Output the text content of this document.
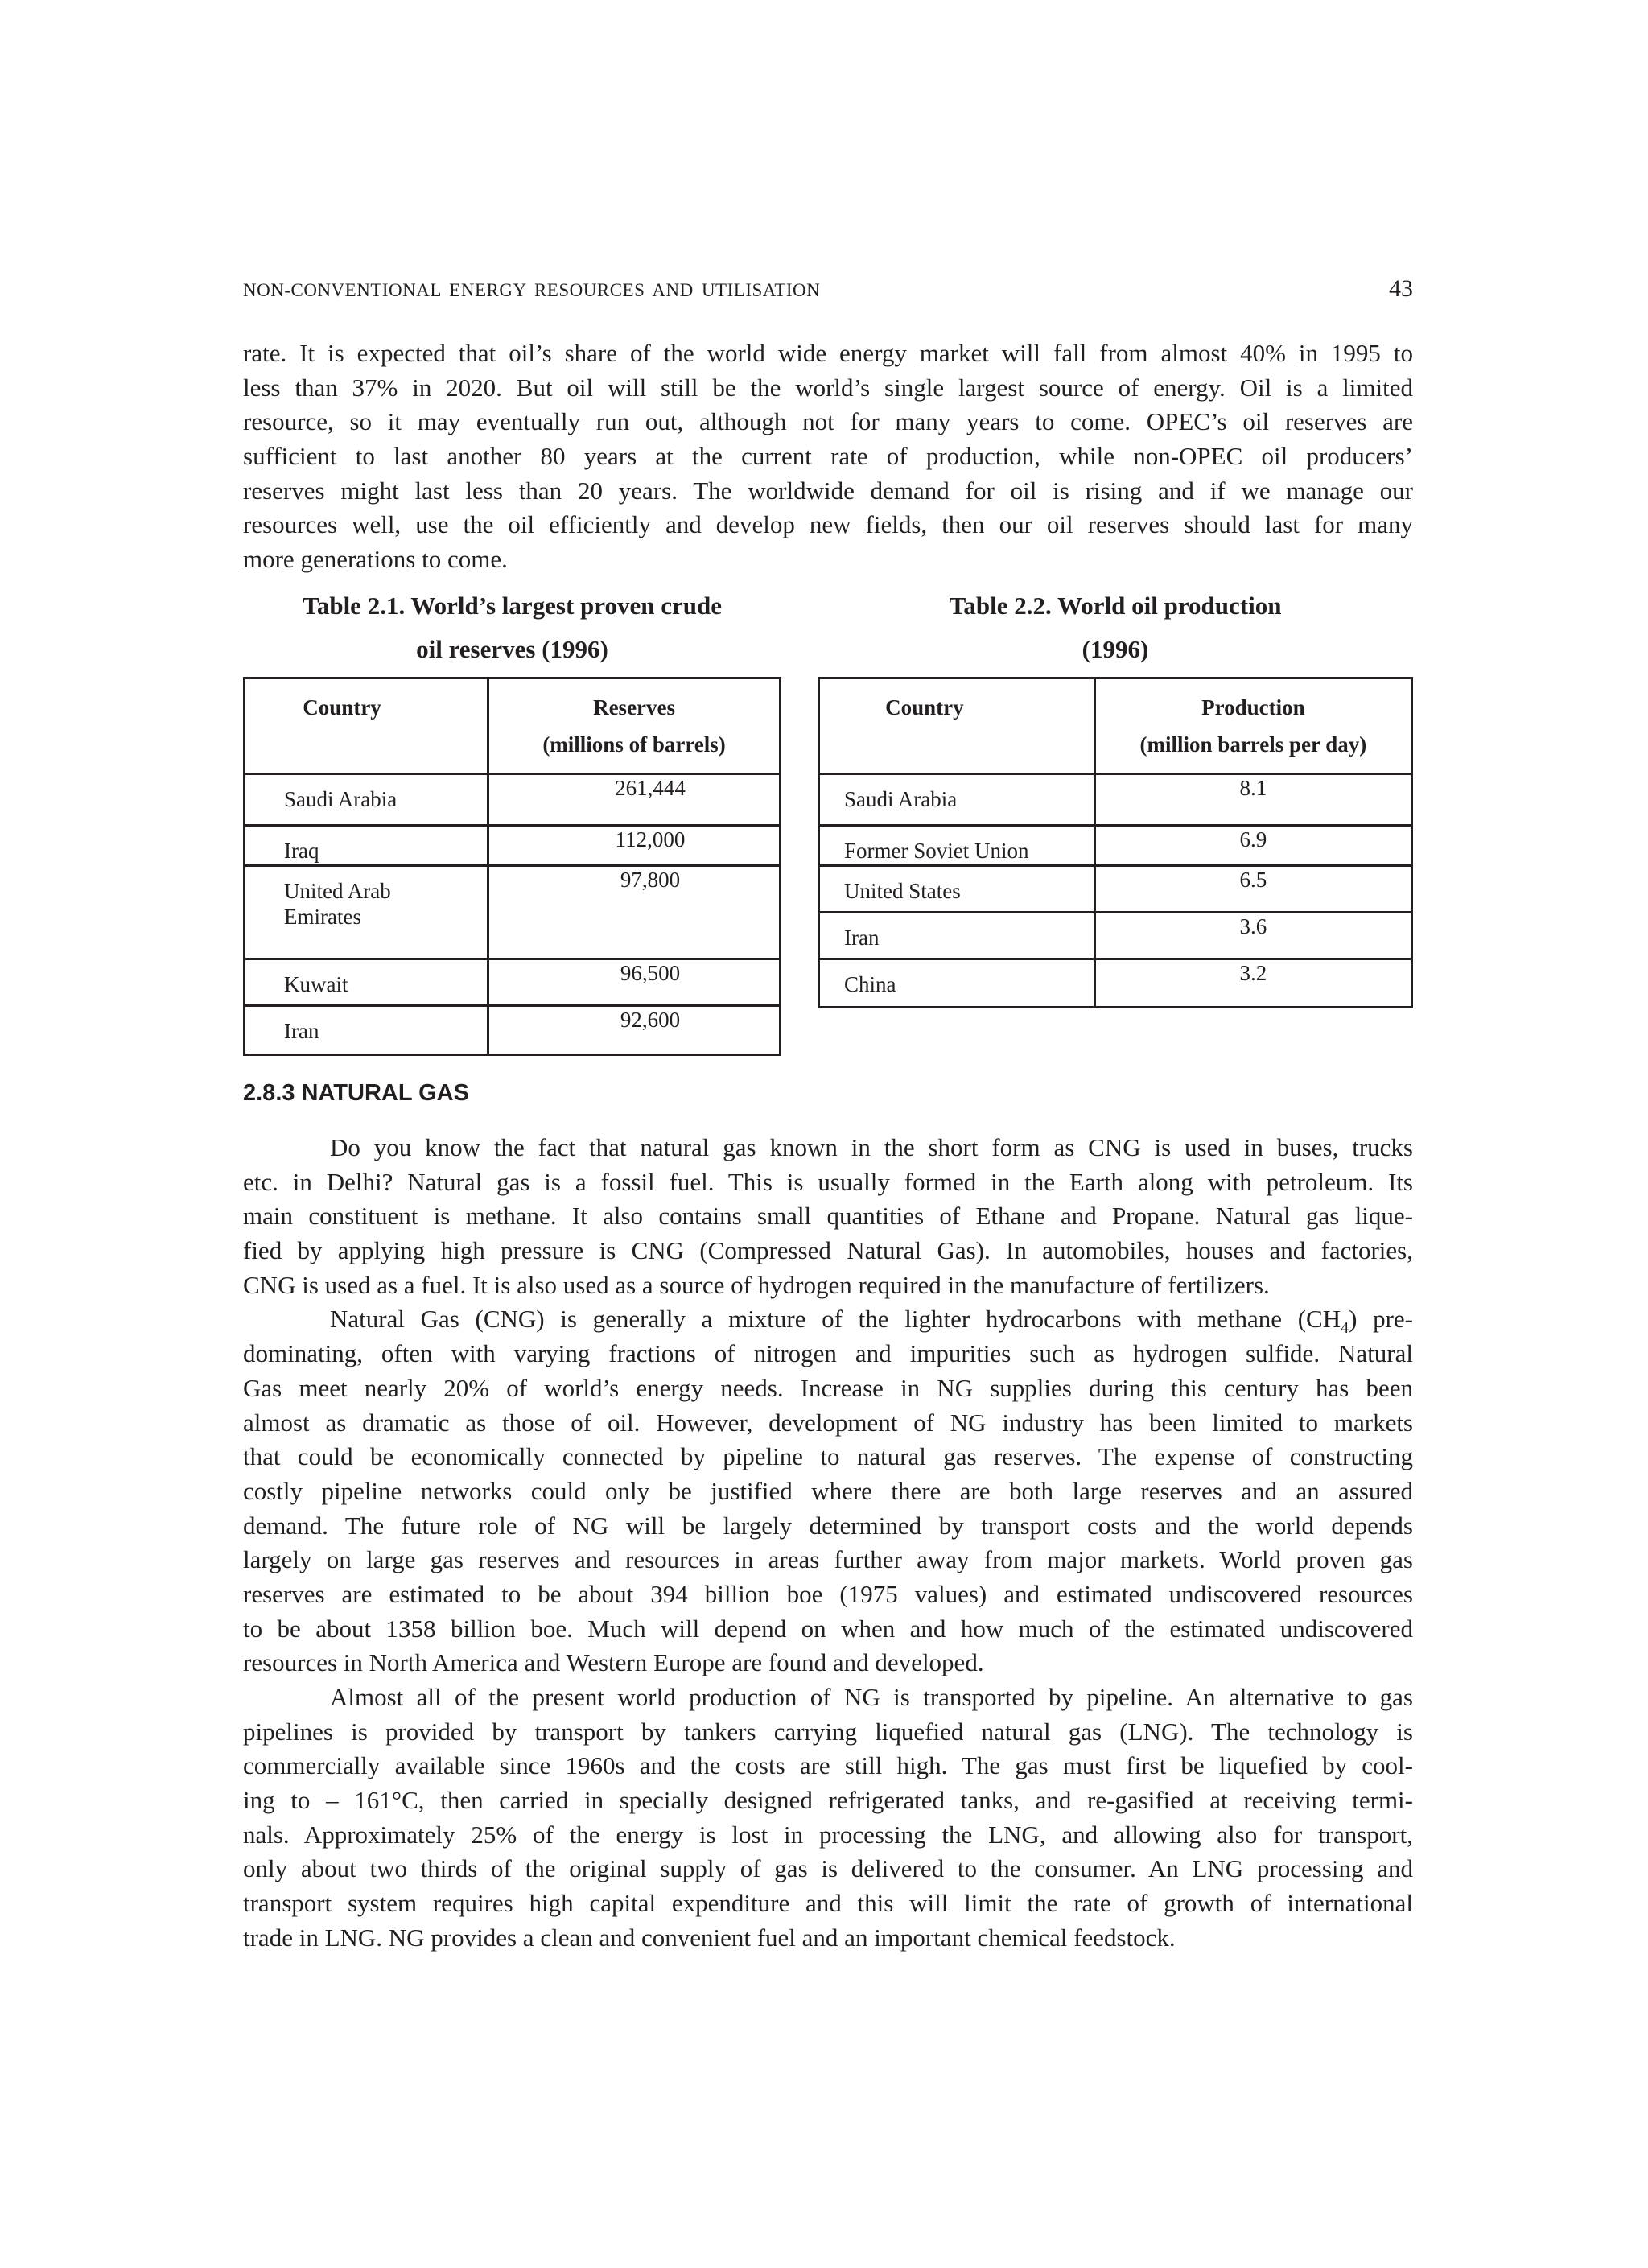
NON-CONVENTIONAL ENERGY RESOURCES AND UTILISATION	43
rate. It is expected that oil’s share of the world wide energy market will fall from almost 40% in 1995 to
less than 37% in 2020. But oil will still be the world’s single largest source of energy. Oil is a limited
resource, so it may eventually run out, although not for many years to come. OPEC’s oil reserves are
sufficient to last another 80 years at the current rate of production, while non-OPEC oil producers’
reserves might last less than 20 years. The worldwide demand for oil is rising and if we manage our
resources well, use the oil efficiently and develop new fields, then our oil reserves should last for many
more generations to come.
Table 2.1. World’s largest proven crude
oil reserves (1996)
Table 2.2. World oil production
(1996)
Country	Reserves
(millions of barrels)

Saudi Arabia	261,444
Iraq	112,000
United Arab Emirates	97,800
Kuwait	96,500
Iran	92,600
Country	Production
(million barrels per day)

Saudi Arabia	8.1
Former Soviet Union	6.9
United States	6.5
Iran	3.6
China	3.2
2.8.3 NATURAL GAS
Do you know the fact that natural gas known in the short form as CNG is used in buses, trucks
etc. in Delhi? Natural gas is a fossil fuel. This is usually formed in the Earth along with petroleum. Its
main constituent is methane. It also contains small quantities of Ethane and Propane. Natural gas lique-
fied by applying high pressure is CNG (Compressed Natural Gas). In automobiles, houses and factories,
CNG is used as a fuel. It is also used as a source of hydrogen required in the manufacture of fertilizers.
Natural Gas (CNG) is generally a mixture of the lighter hydrocarbons with methane $(CH_4)$ pre-
dominating, often with varying fractions of nitrogen and impurities such as hydrogen sulfide. Natural
Gas meet nearly 20% of world’s energy needs. Increase in NG supplies during this century has been
almost as dramatic as those of oil. However, development of NG industry has been limited to markets
that could be economically connected by pipeline to natural gas reserves. The expense of constructing
costly pipeline networks could only be justified where there are both large reserves and an assured
demand. The future role of NG will be largely determined by transport costs and the world depends
largely on large gas reserves and resources in areas further away from major markets. World proven gas
reserves are estimated to be about 394 billion boe (1975 values) and estimated undiscovered resources
to be about 1358 billion boe. Much will depend on when and how much of the estimated undiscovered
resources in North America and Western Europe are found and developed.
Almost all of the present world production of NG is transported by pipeline. An alternative to gas
pipelines is provided by transport by tankers carrying liquefied natural gas (LNG). The technology is
commercially available since 1960s and the costs are still high. The gas must first be liquefied by cool-
ing to – 161°C, then carried in specially designed refrigerated tanks, and re-gasified at receiving termi-
nals. Approximately 25% of the energy is lost in processing the LNG, and allowing also for transport,
only about two thirds of the original supply of gas is delivered to the consumer. An LNG processing and
transport system requires high capital expenditure and this will limit the rate of growth of international
trade in LNG. NG provides a clean and convenient fuel and an important chemical feedstock.
